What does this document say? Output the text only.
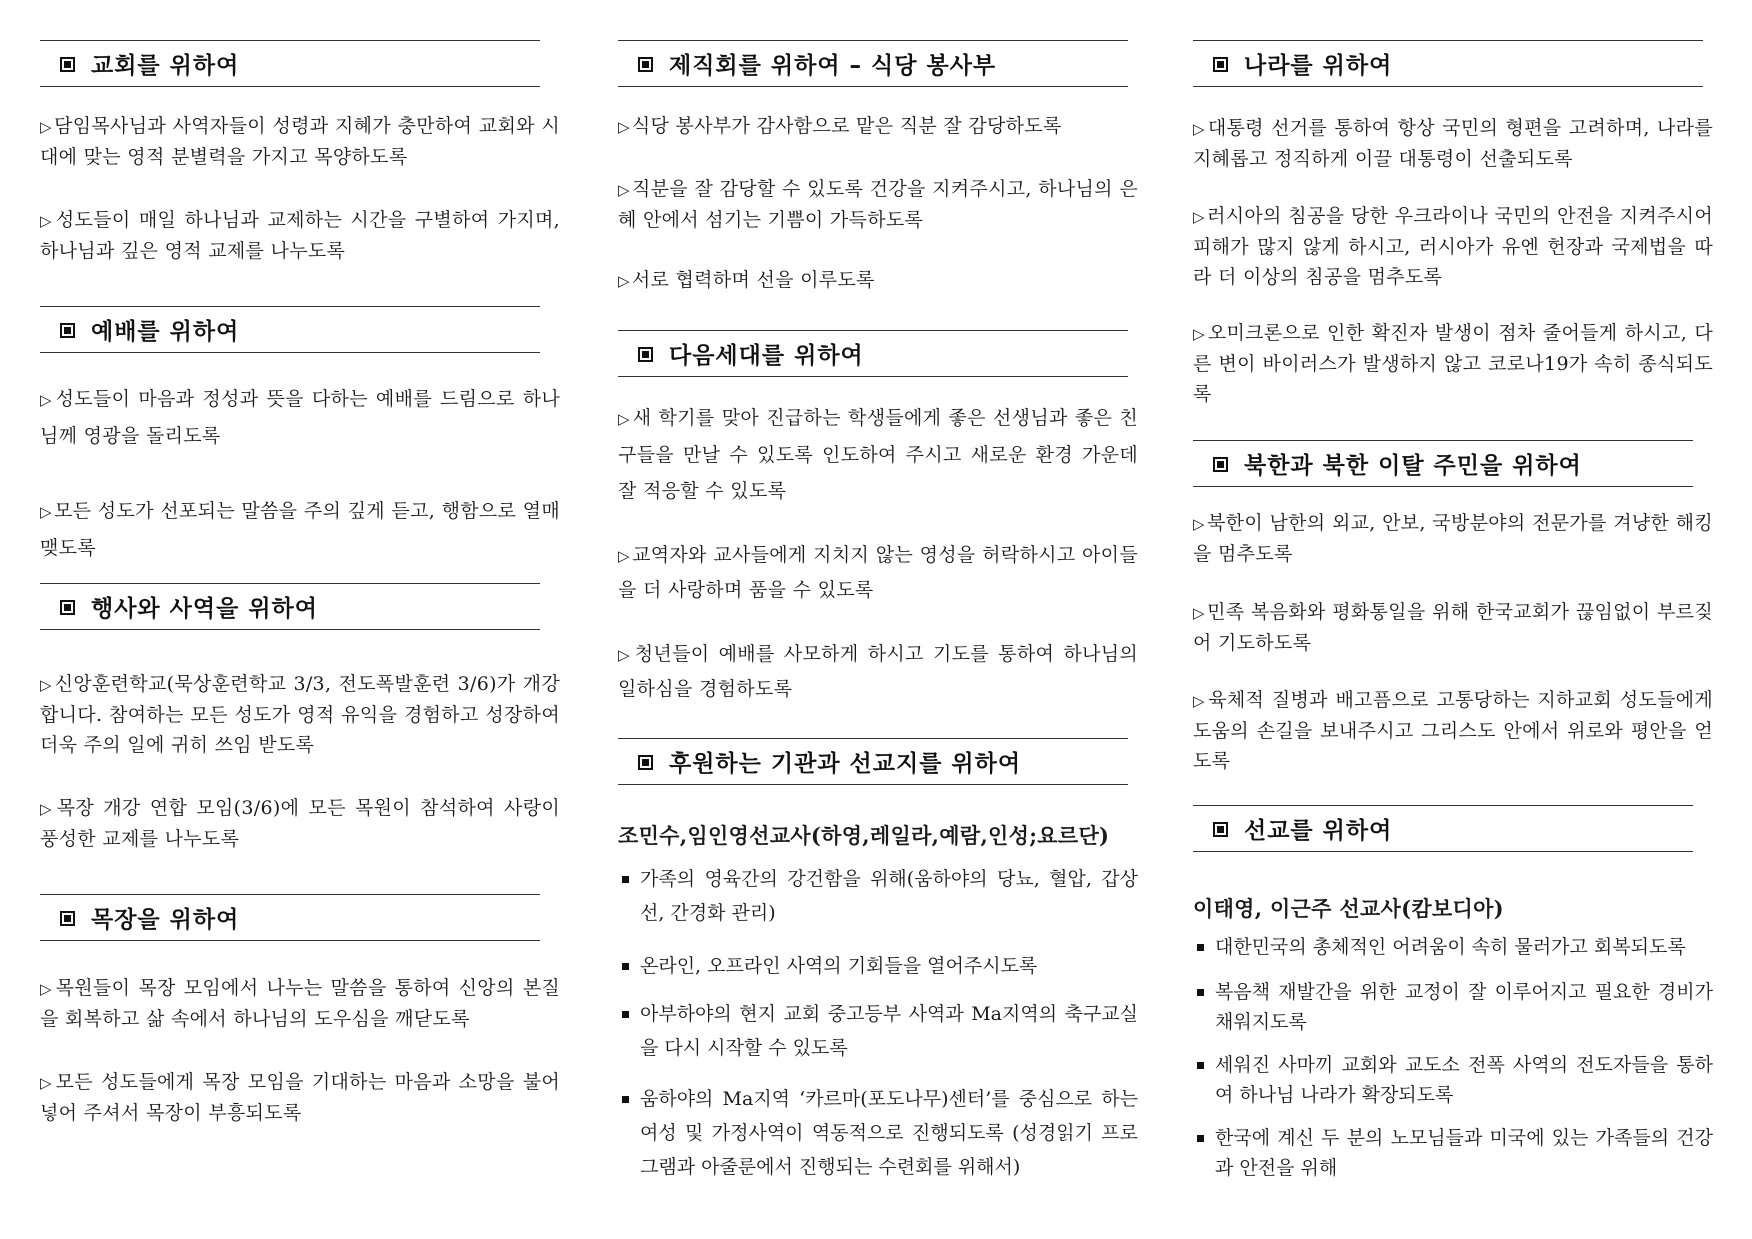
교회를 위하여
▷ 담임목사님과 사역자들이 성령과 지혜가 충만하여 교회와 시대에 맞는 영적 분별력을 가지고 목양하도록
▷ 성도들이 매일 하나님과 교제하는 시간을 구별하여 가지며, 하나님과 깊은 영적 교제를 나누도록
예배를 위하여
▷ 성도들이 마음과 정성과 뜻을 다하는 예배를 드림으로 하나님께 영광을 돌리도록
▷ 모든 성도가 선포되는 말씀을 주의 깊게 듣고, 행함으로 열매 맺도록
행사와 사역을 위하여
▷ 신앙훈련학교(묵상훈련학교 3/3, 전도폭발훈련 3/6)가 개강합니다. 참여하는 모든 성도가 영적 유익을 경험하고 성장하여 더욱 주의 일에 귀히 쓰임 받도록
▷ 목장 개강 연합 모임(3/6)에 모든 목원이 참석하여 사랑이 풍성한 교제를 나누도록
목장을 위하여
▷ 목원들이 목장 모임에서 나누는 말씀을 통하여 신앙의 본질을 회복하고 삶 속에서 하나님의 도우심을 깨닫도록
▷ 모든 성도들에게 목장 모임을 기대하는 마음과 소망을 불어 넣어 주셔서 목장이 부흥되도록
제직회를 위하여 – 식당 봉사부
▷ 식당 봉사부가 감사함으로 맡은 직분 잘 감당하도록
▷ 직분을 잘 감당할 수 있도록 건강을 지켜주시고, 하나님의 은혜 안에서 섬기는 기쁨이 가득하도록
▷ 서로 협력하며 선을 이루도록
다음세대를 위하여
▷ 새 학기를 맞아 진급하는 학생들에게 좋은 선생님과 좋은 친구들을 만날 수 있도록 인도하여 주시고 새로운 환경 가운데 잘 적응할 수 있도록
▷ 교역자와 교사들에게 지치지 않는 영성을 허락하시고 아이들을 더 사랑하며 품을 수 있도록
▷ 청년들이 예배를 사모하게 하시고 기도를 통하여 하나님의 일하심을 경험하도록
후원하는 기관과 선교지를 위하여
조민수,임인영선교사(하영,레일라,예람,인성;요르단)
가족의 영육간의 강건함을 위해(움하야의 당뇨, 혈압, 갑상선, 간경화 관리)
온라인, 오프라인 사역의 기회들을 열어주시도록
아부하야의 현지 교회 중고등부 사역과 Ma지역의 축구교실을 다시 시작할 수 있도록
움하야의 Ma지역 ‘카르마(포도나무)센터’를 중심으로 하는 여성 및 가정사역이 역동적으로 진행되도록 (성경읽기 프로그램과 아줄룬에서 진행되는 수련회를 위해서)
나라를 위하여
▷ 대통령 선거를 통하여 항상 국민의 형편을 고려하며, 나라를 지혜롭고 정직하게 이끌 대통령이 선출되도록
▷ 러시아의 침공을 당한 우크라이나 국민의 안전을 지켜주시어 피해가 많지 않게 하시고, 러시아가 유엔 헌장과 국제법을 따라 더 이상의 침공을 멈추도록
▷ 오미크론으로 인한 확진자 발생이 점차 줄어들게 하시고, 다른 변이 바이러스가 발생하지 않고 코로나19가 속히 종식되도록
북한과 북한 이탈 주민을 위하여
▷ 북한이 남한의 외교, 안보, 국방분야의 전문가를 겨냥한 해킹을 멈추도록
▷ 민족 복음화와 평화통일을 위해 한국교회가 끊임없이 부르짖어 기도하도록
▷ 육체적 질병과 배고픔으로 고통당하는 지하교회 성도들에게 도움의 손길을 보내주시고 그리스도 안에서 위로와 평안을 얻도록
선교를 위하여
이태영, 이근주 선교사(캄보디아)
대한민국의 총체적인 어려움이 속히 물러가고 회복되도록
복음책 재발간을 위한 교정이 잘 이루어지고 필요한 경비가 채워지도록
세워진 사마끼 교회와 교도소 전폭 사역의 전도자들을 통하여 하나님 나라가 확장되도록
한국에 계신 두 분의 노모님들과 미국에 있는 가족들의 건강과 안전을 위해
